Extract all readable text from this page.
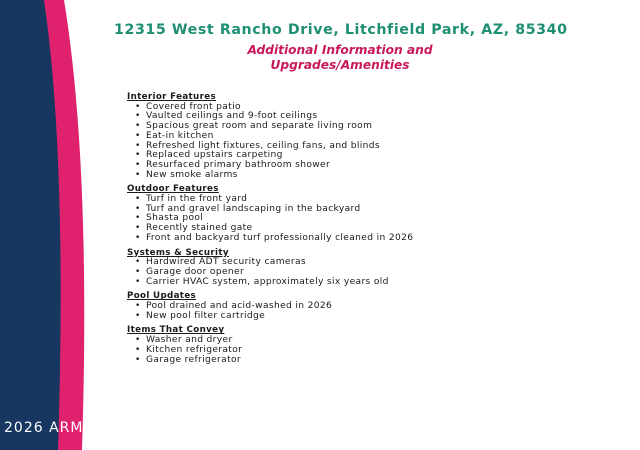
12315 West Rancho Drive, Litchfield Park, AZ, 85340
Additional Information and
Upgrades/Amenities
Interior Features
• Covered front patio
• Vaulted ceilings and 9-foot ceilings
• Spacious great room and separate living room
• Eat-in kitchen
• Refreshed light fixtures, ceiling fans, and blinds
• Replaced upstairs carpeting
• Resurfaced primary bathroom shower
• New smoke alarms
Outdoor Features
• Turf in the front yard
• Turf and gravel landscaping in the backyard
• Shasta pool
• Recently stained gate
• Front and backyard turf professionally cleaned in 2026
Systems & Security
• Hardwired ADT security cameras
• Garage door opener
• Carrier HVAC system, approximately six years old
Pool Updates
• Pool drained and acid-washed in 2026
• New pool filter cartridge
Items That Convey
• Washer and dryer
• Kitchen refrigerator
• Garage refrigerator
2026 ARMLS
